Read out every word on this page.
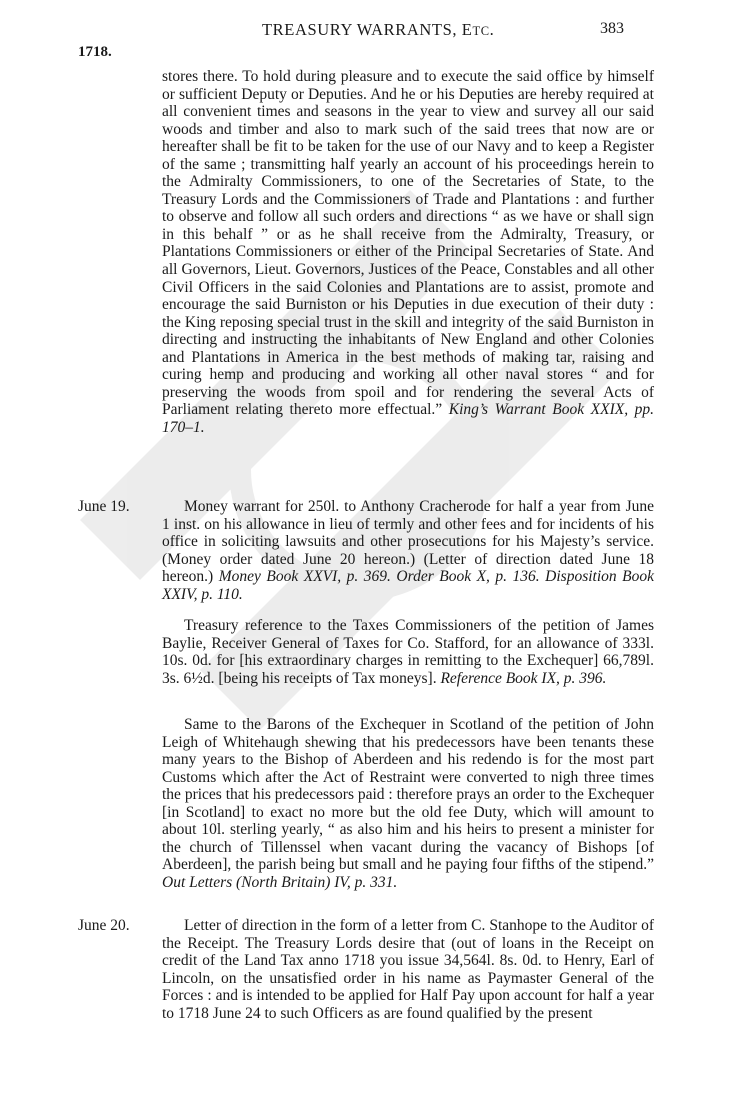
TREASURY WARRANTS, ETC.	383
1718.
stores there. To hold during pleasure and to execute the said office by himself or sufficient Deputy or Deputies. And he or his Deputies are hereby required at all convenient times and seasons in the year to view and survey all our said woods and timber and also to mark such of the said trees that now are or hereafter shall be fit to be taken for the use of our Navy and to keep a Register of the same ; transmitting half yearly an account of his proceedings herein to the Admiralty Commissioners, to one of the Secretaries of State, to the Treasury Lords and the Commissioners of Trade and Plantations : and further to observe and follow all such orders and directions “ as we have or shall sign in this behalf ” or as he shall receive from the Admiralty, Treasury, or Plantations Commissioners or either of the Principal Secretaries of State. And all Governors, Lieut. Governors, Justices of the Peace, Constables and all other Civil Officers in the said Colonies and Plantations are to assist, promote and encourage the said Burniston or his Deputies in due execution of their duty : the King reposing special trust in the skill and integrity of the said Burniston in directing and instructing the inhabitants of New England and other Colonies and Plantations in America in the best methods of making tar, raising and curing hemp and producing and working all other naval stores “ and for preserving the woods from spoil and for rendering the several Acts of Parliament relating thereto more effectual.” King’s Warrant Book XXIX, pp. 170–1.
June 19.	Money warrant for 250l. to Anthony Cracherode for half a year from June 1 inst. on his allowance in lieu of termly and other fees and for incidents of his office in soliciting lawsuits and other prosecutions for his Majesty’s service. (Money order dated June 20 hereon.) (Letter of direction dated June 18 hereon.) Money Book XXVI, p. 369. Order Book X, p. 136. Disposition Book XXIV, p. 110.
Treasury reference to the Taxes Commissioners of the petition of James Baylie, Receiver General of Taxes for Co. Stafford, for an allowance of 333l. 10s. 0d. for [his extraordinary charges in remitting to the Exchequer] 66,789l. 3s. 6½d. [being his receipts of Tax moneys]. Reference Book IX, p. 396.
Same to the Barons of the Exchequer in Scotland of the petition of John Leigh of Whitehaugh shewing that his predecessors have been tenants these many years to the Bishop of Aberdeen and his redendo is for the most part Customs which after the Act of Restraint were converted to nigh three times the prices that his predecessors paid : therefore prays an order to the Exchequer [in Scotland] to exact no more but the old fee Duty, which will amount to about 10l. sterling yearly, “ as also him and his heirs to present a minister for the church of Tillenssel when vacant during the vacancy of Bishops [of Aberdeen], the parish being but small and he paying four fifths of the stipend.” Out Letters (North Britain) IV, p. 331.
June 20.	Letter of direction in the form of a letter from C. Stanhope to the Auditor of the Receipt. The Treasury Lords desire that (out of loans in the Receipt on credit of the Land Tax anno 1718 you issue 34,564l. 8s. 0d. to Henry, Earl of Lincoln, on the unsatisfied order in his name as Paymaster General of the Forces : and is intended to be applied for Half Pay upon account for half a year to 1718 June 24 to such Officers as are found qualified by the present
